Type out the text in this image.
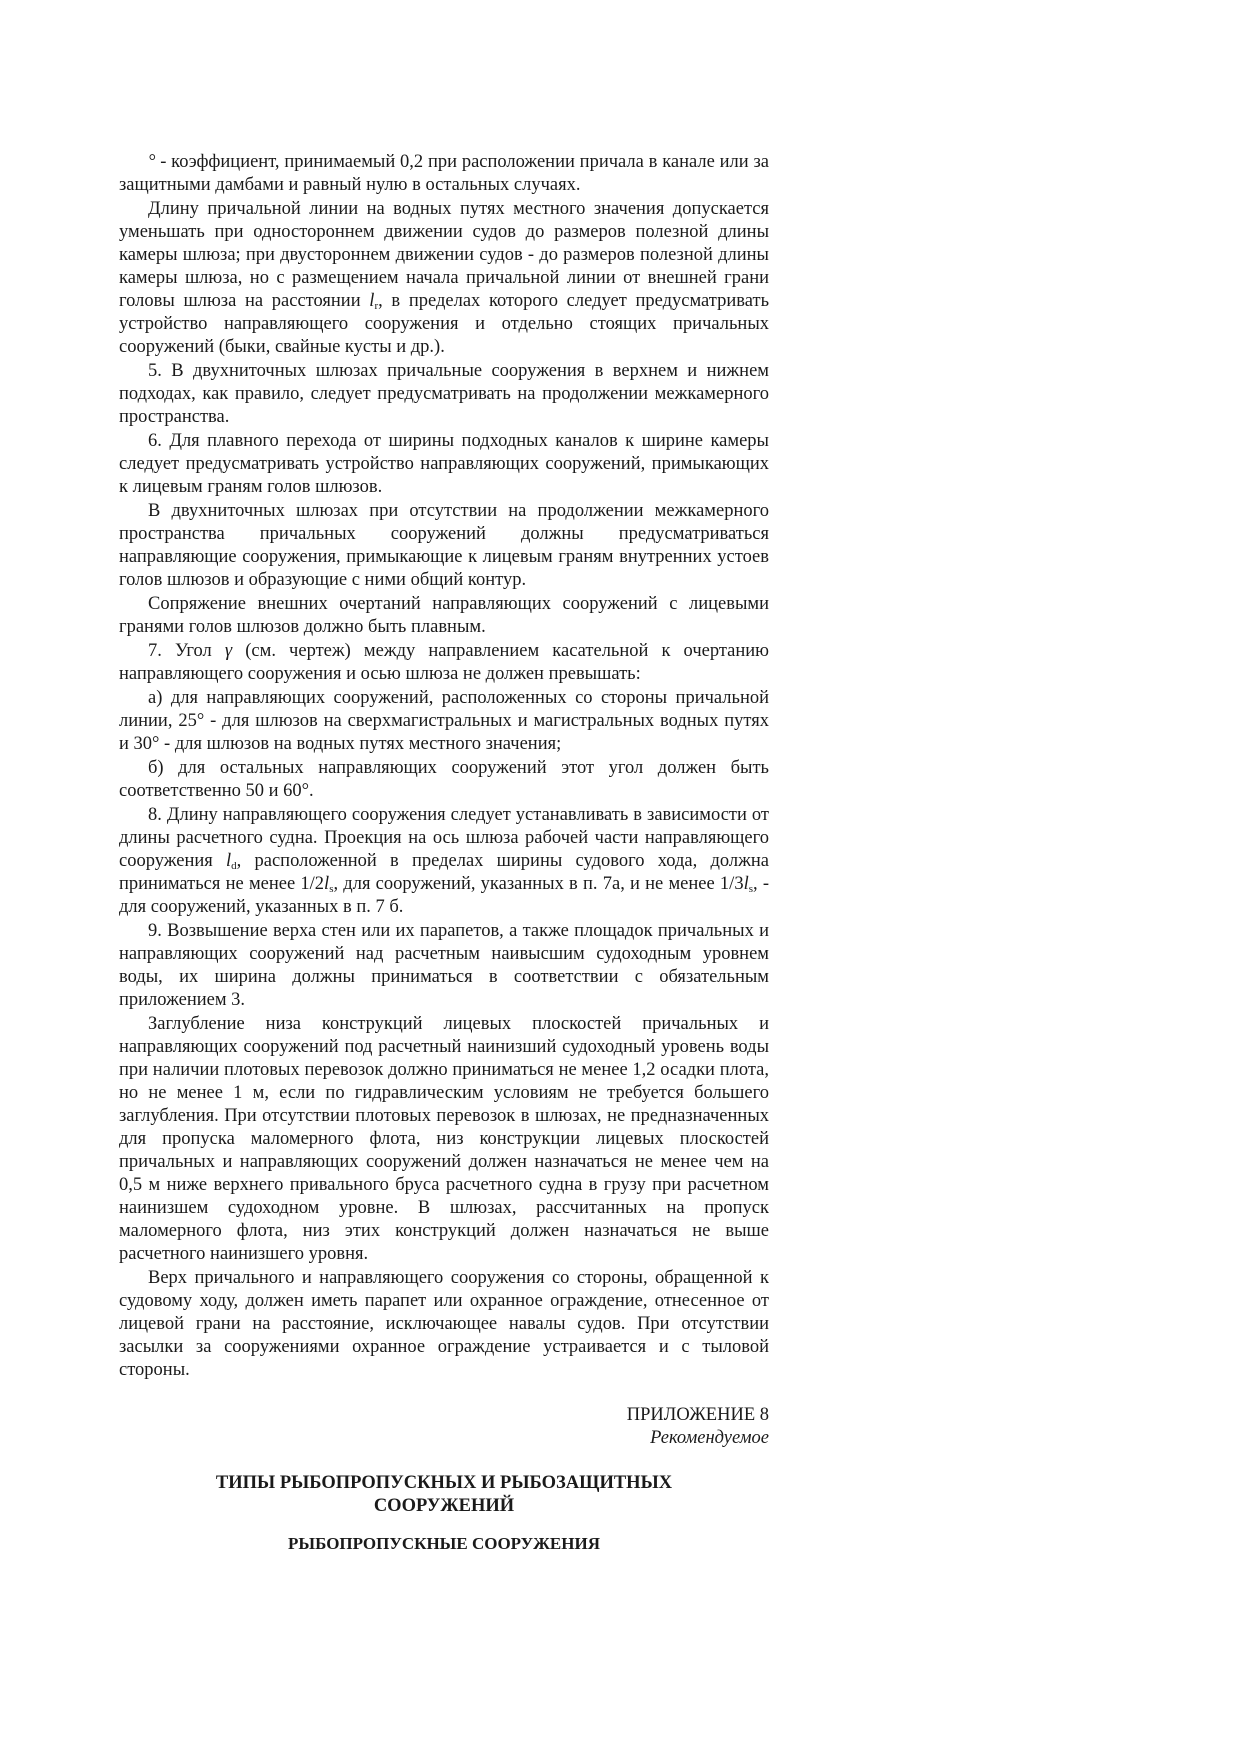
° - коэффициент, принимаемый 0,2 при расположении причала в канале или за защитными дамбами и равный нулю в остальных случаях.

Длину причальной линии на водных путях местного значения допускается уменьшать при одностороннем движении судов до размеров полезной длины камеры шлюза; при двустороннем движении судов - до размеров полезной длины камеры шлюза, но с размещением начала причальной линии от внешней грани головы шлюза на расстоянии $l_r$, в пределах которого следует предусматривать устройство направляющего сооружения и отдельно стоящих причальных сооружений (быки, свайные кусты и др.).

5. В двухниточных шлюзах причальные сооружения в верхнем и нижнем подходах, как правило, следует предусматривать на продолжении межкамерного пространства.

6. Для плавного перехода от ширины подходных каналов к ширине камеры следует предусматривать устройство направляющих сооружений, примыкающих к лицевым граням голов шлюзов.

В двухниточных шлюзах при отсутствии на продолжении межкамерного пространства причальных сооружений должны предусматриваться направляющие сооружения, примыкающие к лицевым граням внутренних устоев голов шлюзов и образующие с ними общий контур.

Сопряжение внешних очертаний направляющих сооружений с лицевыми гранями голов шлюзов должно быть плавным.

7. Угол γ (см. чертеж) между направлением касательной к очертанию направляющего сооружения и осью шлюза не должен превышать:

а) для направляющих сооружений, расположенных со стороны причальной линии, 25° - для шлюзов на сверхмагистральных и магистральных водных путях и 30° - для шлюзов на водных путях местного значения;

б) для остальных направляющих сооружений этот угол должен быть соответственно 50 и 60°.

8. Длину направляющего сооружения следует устанавливать в зависимости от длины расчетного судна. Проекция на ось шлюза рабочей части направляющего сооружения $l_d$, расположенной в пределах ширины судового хода, должна приниматься не менее $1/2l_s$, для сооружений, указанных в п. 7а, и не менее $1/3l_s$, - для сооружений, указанных в п. 7 б.

9. Возвышение верха стен или их парапетов, а также площадок причальных и направляющих сооружений над расчетным наивысшим судоходным уровнем воды, их ширина должны приниматься в соответствии с обязательным приложением 3.

Заглубление низа конструкций лицевых плоскостей причальных и направляющих сооружений под расчетный наинизший судоходный уровень воды при наличии плотовых перевозок должно приниматься не менее 1,2 осадки плота, но не менее 1 м, если по гидравлическим условиям не требуется большего заглубления. При отсутствии плотовых перевозок в шлюзах, не предназначенных для пропуска маломерного флота, низ конструкции лицевых плоскостей причальных и направляющих сооружений должен назначаться не менее чем на 0,5 м ниже верхнего привального бруса расчетного судна в грузу при расчетном наинизшем судоходном уровне. В шлюзах, рассчитанных на пропуск маломерного флота, низ этих конструкций должен назначаться не выше расчетного наинизшего уровня.

Верх причального и направляющего сооружения со стороны, обращенной к судовому ходу, должен иметь парапет или охранное ограждение, отнесенное от лицевой грани на расстояние, исключающее навалы судов. При отсутствии засылки за сооружениями охранное ограждение устраивается и с тыловой стороны.

ПРИЛОЖЕНИЕ 8
Рекомендуемое
ТИПЫ РЫБОПРОПУСКНЫХ И РЫБОЗАЩИТНЫХ СООРУЖЕНИЙ
РЫБОПРОПУСКНЫЕ СООРУЖЕНИЯ
